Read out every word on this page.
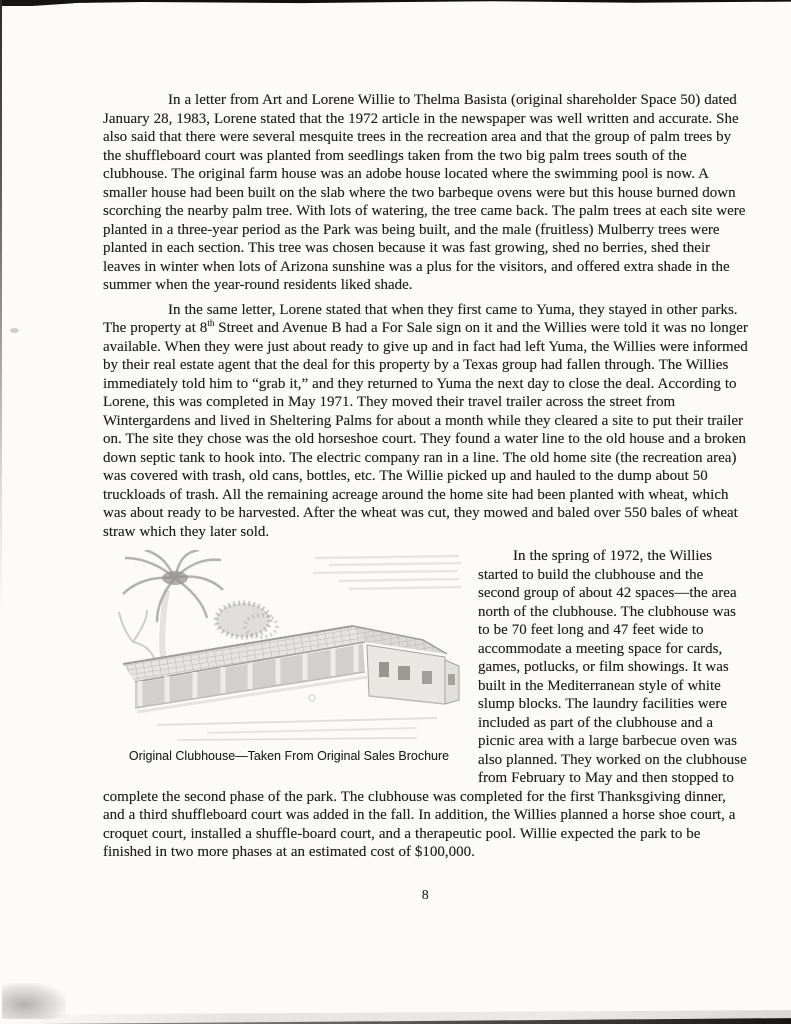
In a letter from Art and Lorene Willie to Thelma Basista (original shareholder Space 50) dated January 28, 1983, Lorene stated that the 1972 article in the newspaper was well written and accurate. She also said that there were several mesquite trees in the recreation area and that the group of palm trees by the shuffleboard court was planted from seedlings taken from the two big palm trees south of the clubhouse. The original farm house was an adobe house located where the swimming pool is now. A smaller house had been built on the slab where the two barbeque ovens were but this house burned down scorching the nearby palm tree. With lots of watering, the tree came back. The palm trees at each site were planted in a three-year period as the Park was being built, and the male (fruitless) Mulberry trees were planted in each section. This tree was chosen because it was fast growing, shed no berries, shed their leaves in winter when lots of Arizona sunshine was a plus for the visitors, and offered extra shade in the summer when the year-round residents liked shade.

In the same letter, Lorene stated that when they first came to Yuma, they stayed in other parks. The property at 8th Street and Avenue B had a For Sale sign on it and the Willies were told it was no longer available. When they were just about ready to give up and in fact had left Yuma, the Willies were informed by their real estate agent that the deal for this property by a Texas group had fallen through. The Willies immediately told him to “grab it,” and they returned to Yuma the next day to close the deal. According to Lorene, this was completed in May 1971. They moved their travel trailer across the street from Wintergardens and lived in Sheltering Palms for about a month while they cleared a site to put their trailer on. The site they chose was the old horseshoe court. They found a water line to the old house and a broken down septic tank to hook into. The electric company ran in a line. The old home site (the recreation area) was covered with trash, old cans, bottles, etc. The Willie picked up and hauled to the dump about 50 truckloads of trash. All the remaining acreage around the home site had been planted with wheat, which was about ready to be harvested. After the wheat was cut, they mowed and baled over 550 bales of wheat straw which they later sold.

Original Clubhouse—Taken From Original Sales Brochure

In the spring of 1972, the Willies started to build the clubhouse and the second group of about 42 spaces—the area north of the clubhouse. The clubhouse was to be 70 feet long and 47 feet wide to accommodate a meeting space for cards, games, potlucks, or film showings. It was built in the Mediterranean style of white slump blocks. The laundry facilities were included as part of the clubhouse and a picnic area with a large barbecue oven was also planned. They worked on the clubhouse from February to May and then stopped to complete the second phase of the park. The clubhouse was completed for the first Thanksgiving dinner, and a third shuffleboard court was added in the fall. In addition, the Willies planned a horse shoe court, a croquet court, installed a shuffle-board court, and a therapeutic pool. Willie expected the park to be finished in two more phases at an estimated cost of $100,000.

8
